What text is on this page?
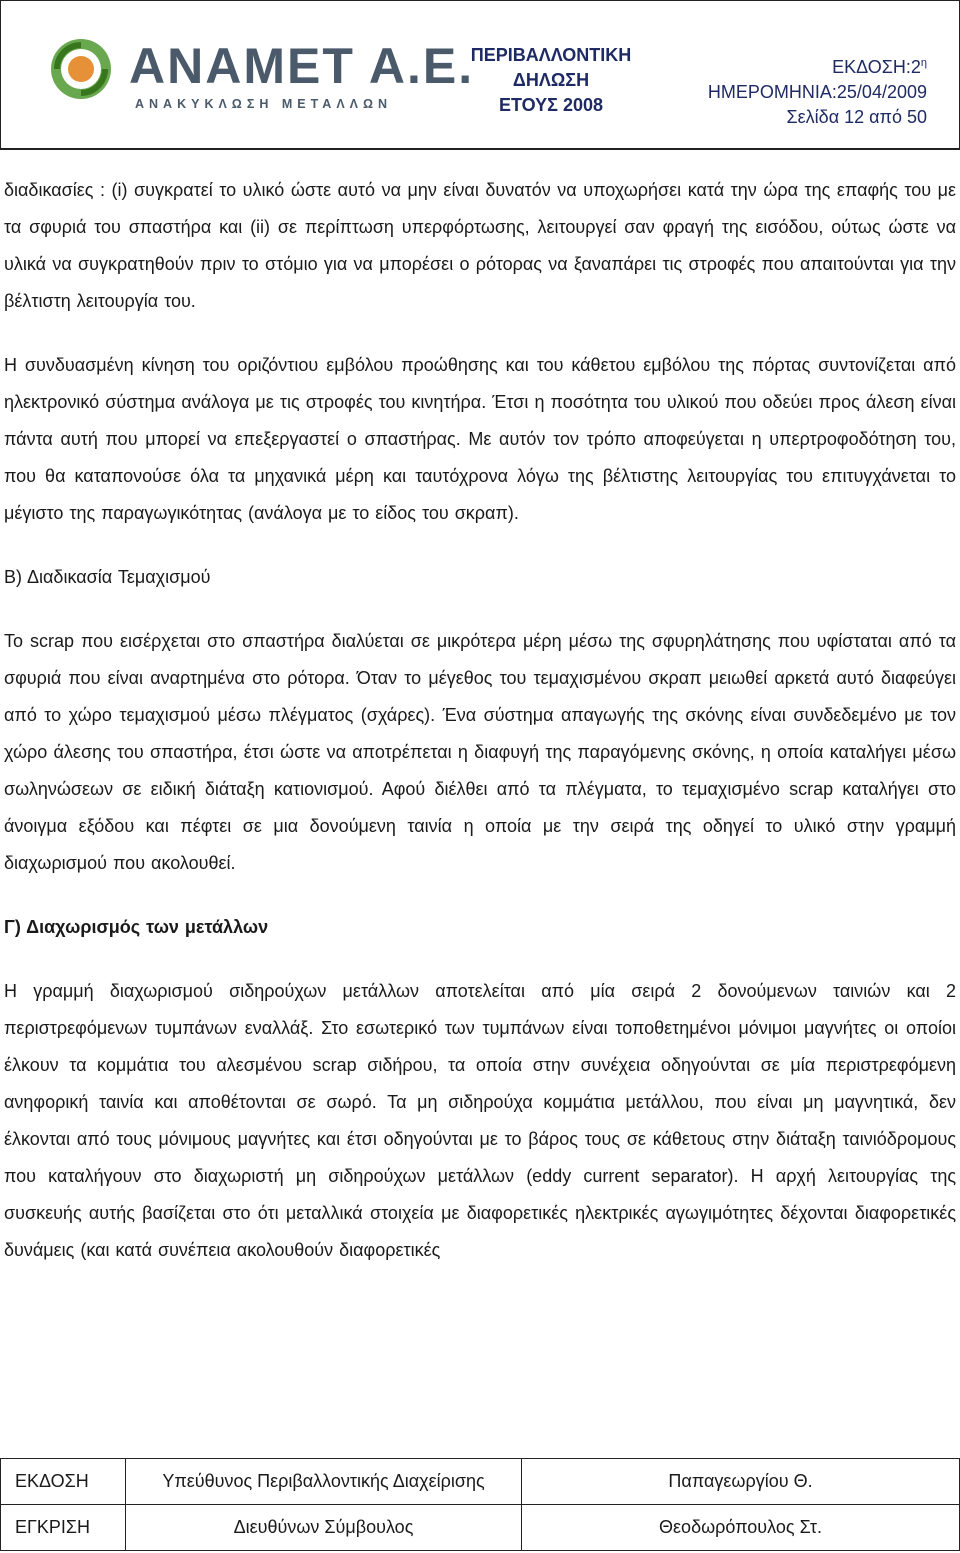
ANAMET A.E.
ΑΝΑΚΥΚΛΩΣΗ ΜΕΤΑΛΛΩΝ
ΠΕΡΙΒΑΛΛΟΝΤΙΚΗ
ΔΗΛΩΣΗ
ΕΤΟΥΣ 2008
$EK\Delta O\Sigma H:2^\eta$
ΗΜΕΡΟΜΗΝΙΑ:25/04/2009
Σελίδα 12 από 50

διαδικασίες : (i) συγκρατεί το υλικό ώστε αυτό να μην είναι δυνατόν να υποχωρήσει κατά την ώρα της επαφής του με τα σφυριά του σπαστήρα και (ii) σε περίπτωση υπερφόρτωσης, λειτουργεί σαν φραγή της εισόδου, ούτως ώστε να υλικά να συγκρατηθούν πριν το στόμιο για να μπορέσει ο ρότορας να ξαναπάρει τις στροφές που απαιτούνται για την βέλτιστη λειτουργία του.

Η συνδυασμένη κίνηση του οριζόντιου εμβόλου προώθησης και του κάθετου εμβόλου της πόρτας συντονίζεται από ηλεκτρονικό σύστημα ανάλογα με τις στροφές του κινητήρα. Έτσι η ποσότητα του υλικού που οδεύει προς άλεση είναι πάντα αυτή που μπορεί να επεξεργαστεί ο σπαστήρας. Με αυτόν τον τρόπο αποφεύγεται η υπερτροφοδότηση του, που θα καταπονούσε όλα τα μηχανικά μέρη και ταυτόχρονα λόγω της βέλτιστης λειτουργίας του επιτυγχάνεται το μέγιστο της παραγωγικότητας (ανάλογα με το είδος του σκραπ).

Β) Διαδικασία Τεμαχισμού

Το scrap που εισέρχεται στο σπαστήρα διαλύεται σε μικρότερα μέρη μέσω της σφυρηλάτησης που υφίσταται από τα σφυριά που είναι αναρτημένα στο ρότορα. Όταν το μέγεθος του τεμαχισμένου σκραπ μειωθεί αρκετά αυτό διαφεύγει από το χώρο τεμαχισμού μέσω πλέγματος (σχάρες). Ένα σύστημα απαγωγής της σκόνης είναι συνδεδεμένο με τον χώρο άλεσης του σπαστήρα, έτσι ώστε να αποτρέπεται η διαφυγή της παραγόμενης σκόνης, η οποία καταλήγει μέσω σωληνώσεων σε ειδική διάταξη κατιονισμού. Αφού διέλθει από τα πλέγματα, το τεμαχισμένο scrap καταλήγει στο άνοιγμα εξόδου και πέφτει σε μια δονούμενη ταινία η οποία με την σειρά της οδηγεί το υλικό στην γραμμή διαχωρισμού που ακολουθεί.

Γ) Διαχωρισμός των μετάλλων

Η γραμμή διαχωρισμού σιδηρούχων μετάλλων αποτελείται από μία σειρά 2 δονούμενων ταινιών και 2 περιστρεφόμενων τυμπάνων εναλλάξ. Στο εσωτερικό των τυμπάνων είναι τοποθετημένοι μόνιμοι μαγνήτες οι οποίοι έλκουν τα κομμάτια του αλεσμένου scrap σιδήρου, τα οποία στην συνέχεια οδηγούνται σε μία περιστρεφόμενη ανηφορική ταινία και αποθέτονται σε σωρό. Τα μη σιδηρούχα κομμάτια μετάλλου, που είναι μη μαγνητικά, δεν έλκονται από τους μόνιμους μαγνήτες και έτσι οδηγούνται με το βάρος τους σε κάθετους στην διάταξη ταινιόδρομους που καταλήγουν στο διαχωριστή μη σιδηρούχων μετάλλων (eddy current separator). Η αρχή λειτουργίας της συσκευής αυτής βασίζεται στο ότι μεταλλικά στοιχεία με διαφορετικές ηλεκτρικές αγωγιμότητες δέχονται διαφορετικές δυνάμεις (και κατά συνέπεια ακολουθούν διαφορετικές

ΕΚΔΟΣΗ	Υπεύθυνος Περιβαλλοντικής Διαχείρισης	Παπαγεωργίου Θ.
ΕΓΚΡΙΣΗ	Διευθύνων Σύμβουλος	Θεοδωρόπουλος Στ.
